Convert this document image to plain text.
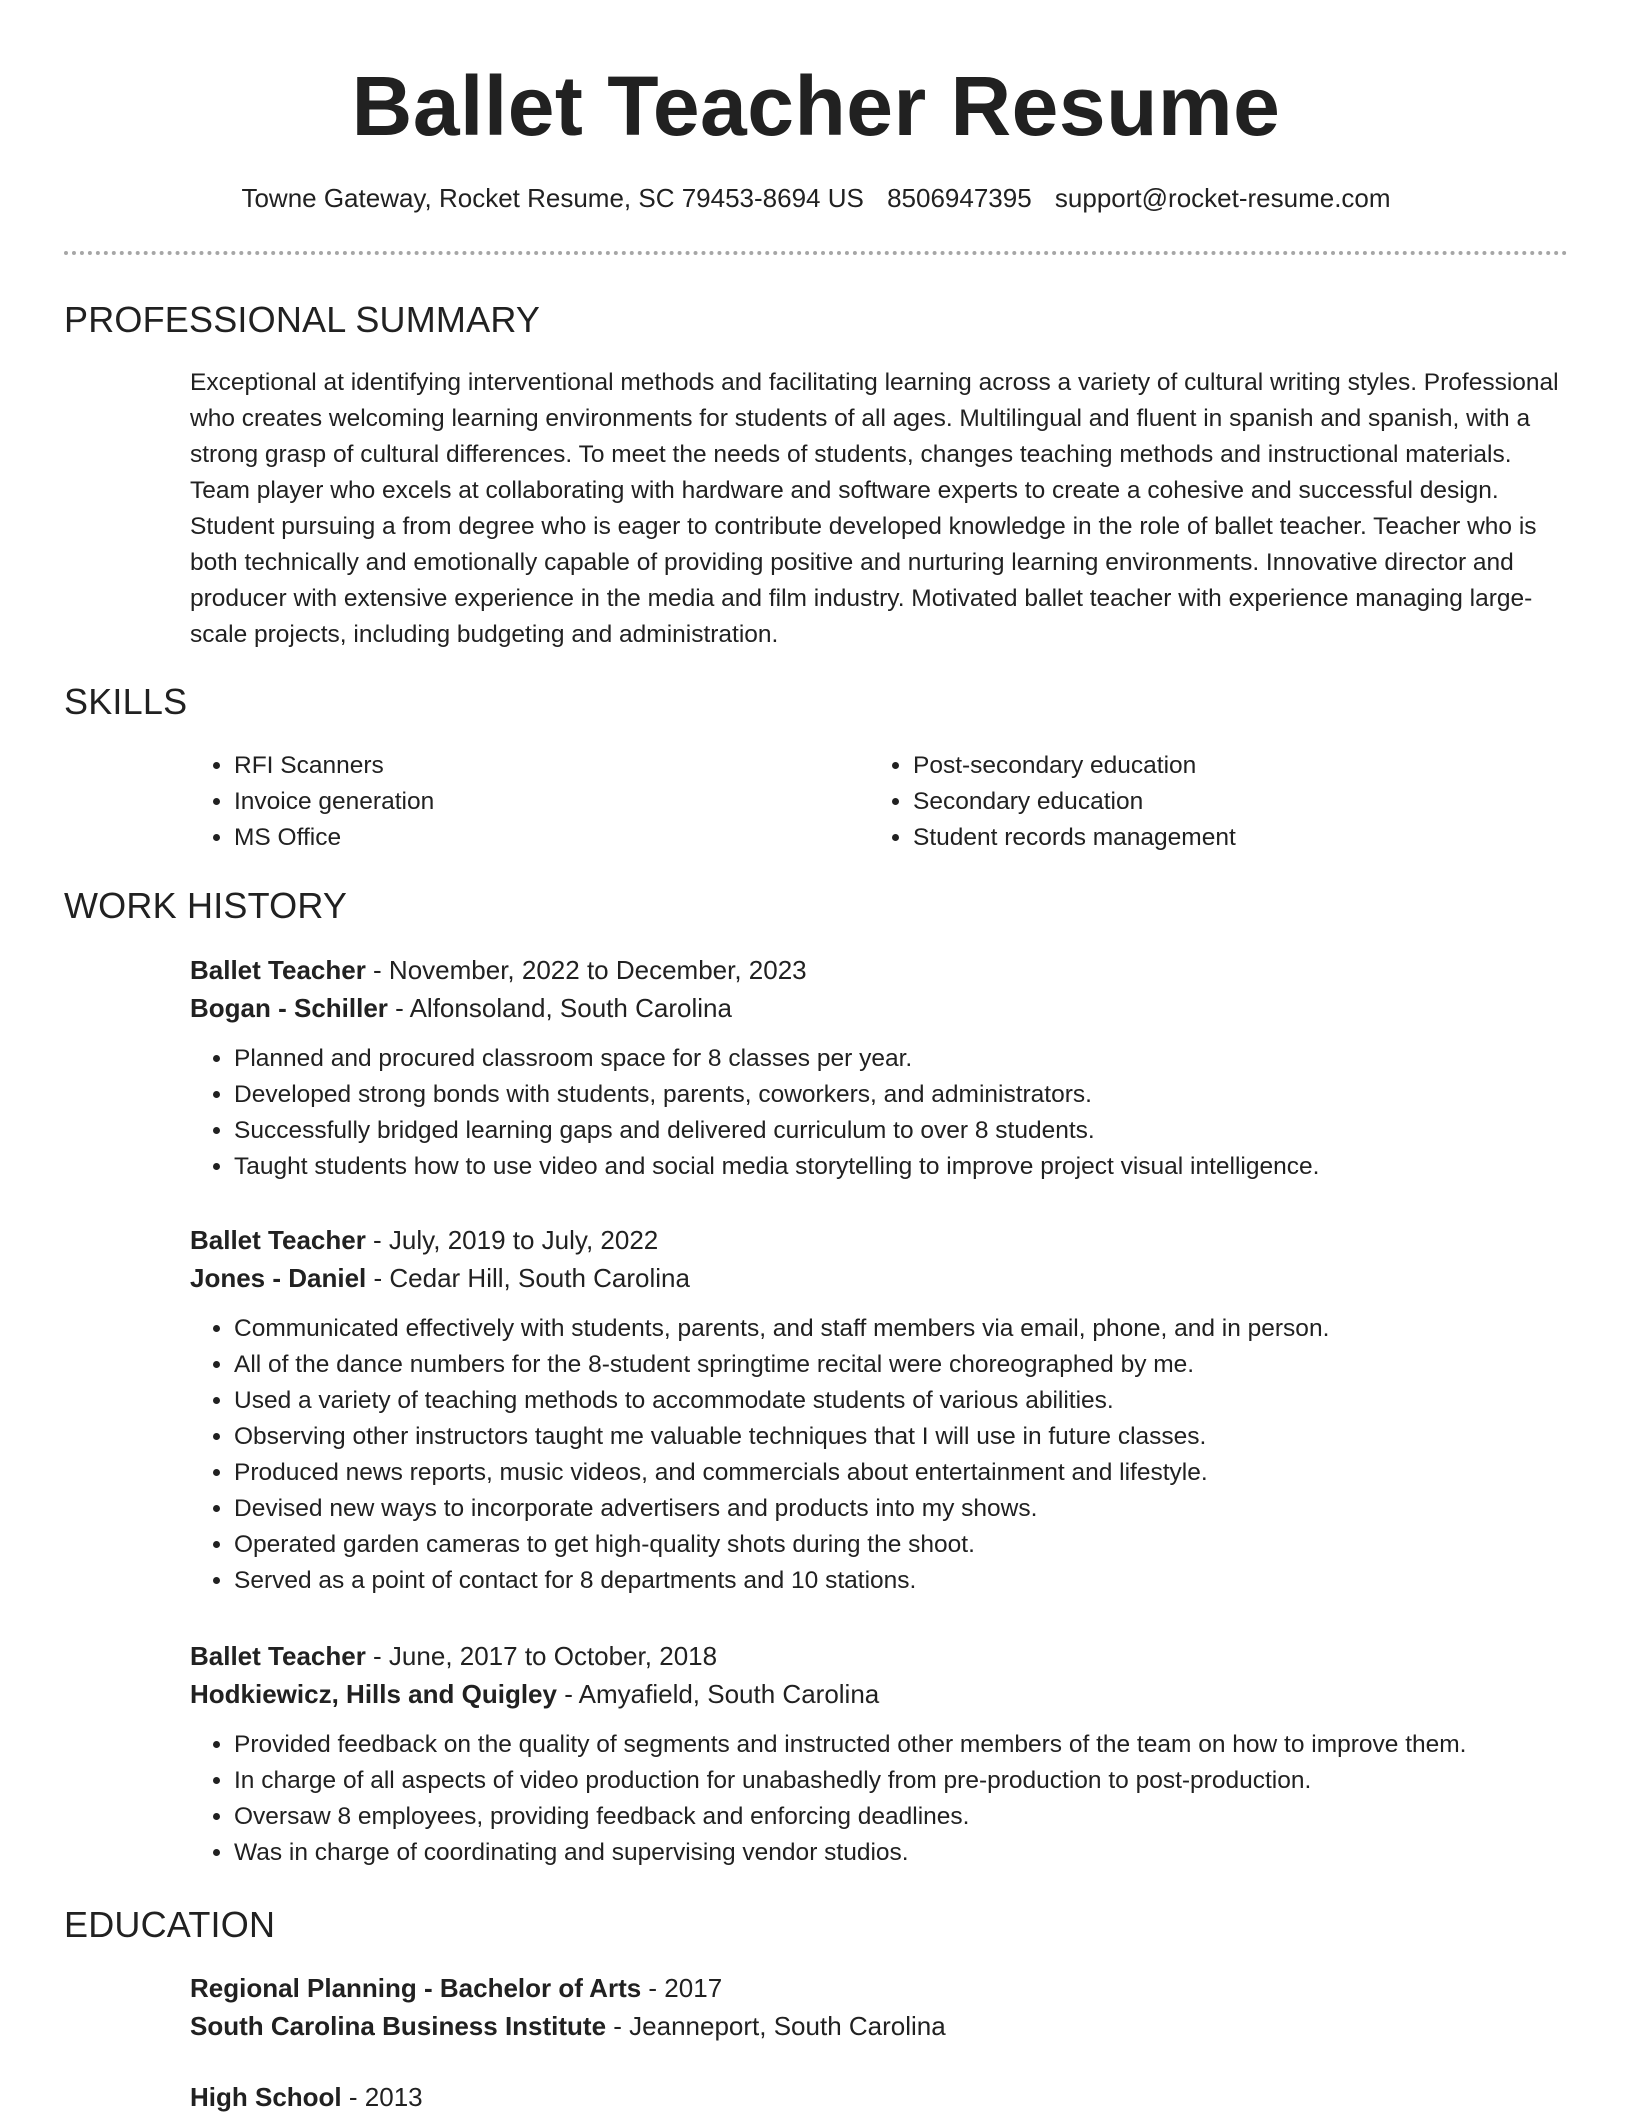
Ballet Teacher Resume
Towne Gateway, Rocket Resume, SC 79453-8694 US 8506947395 support@rocket-resume.com
PROFESSIONAL SUMMARY

Exceptional at identifying interventional methods and facilitating learning across a variety of cultural writing styles. Professional who creates welcoming learning environments for students of all ages. Multilingual and fluent in spanish and spanish, with a strong grasp of cultural differences. To meet the needs of students, changes teaching methods and instructional materials. Team player who excels at collaborating with hardware and software experts to create a cohesive and successful design. Student pursuing a from degree who is eager to contribute developed knowledge in the role of ballet teacher. Teacher who is both technically and emotionally capable of providing positive and nurturing learning environments. Innovative director and producer with extensive experience in the media and film industry. Motivated ballet teacher with experience managing large-scale projects, including budgeting and administration.

SKILLS
• RFI Scanners
• Invoice generation
• MS Office
• Post-secondary education
• Secondary education
• Student records management
WORK HISTORY

Ballet Teacher - November, 2022 to December, 2023

Bogan - Schiller - Alfonsoland, South Carolina

• Planned and procured classroom space for 8 classes per year.
• Developed strong bonds with students, parents, coworkers, and administrators.
• Successfully bridged learning gaps and delivered curriculum to over 8 students.
• Taught students how to use video and social media storytelling to improve project visual intelligence.

Ballet Teacher - July, 2019 to July, 2022

Jones - Daniel - Cedar Hill, South Carolina

• Communicated effectively with students, parents, and staff members via email, phone, and in person.
• All of the dance numbers for the 8-student springtime recital were choreographed by me.
• Used a variety of teaching methods to accommodate students of various abilities.
• Observing other instructors taught me valuable techniques that I will use in future classes.
• Produced news reports, music videos, and commercials about entertainment and lifestyle.
• Devised new ways to incorporate advertisers and products into my shows.
• Operated garden cameras to get high-quality shots during the shoot.
• Served as a point of contact for 8 departments and 10 stations.

Ballet Teacher - June, 2017 to October, 2018

Hodkiewicz, Hills and Quigley - Amyafield, South Carolina

• Provided feedback on the quality of segments and instructed other members of the team on how to improve them.
• In charge of all aspects of video production for unabashedly from pre-production to post-production.
• Oversaw 8 employees, providing feedback and enforcing deadlines.
• Was in charge of coordinating and supervising vendor studios.
EDUCATION

Regional Planning - Bachelor of Arts - 2017

South Carolina Business Institute - Jeanneport, South Carolina

High School - 2013
